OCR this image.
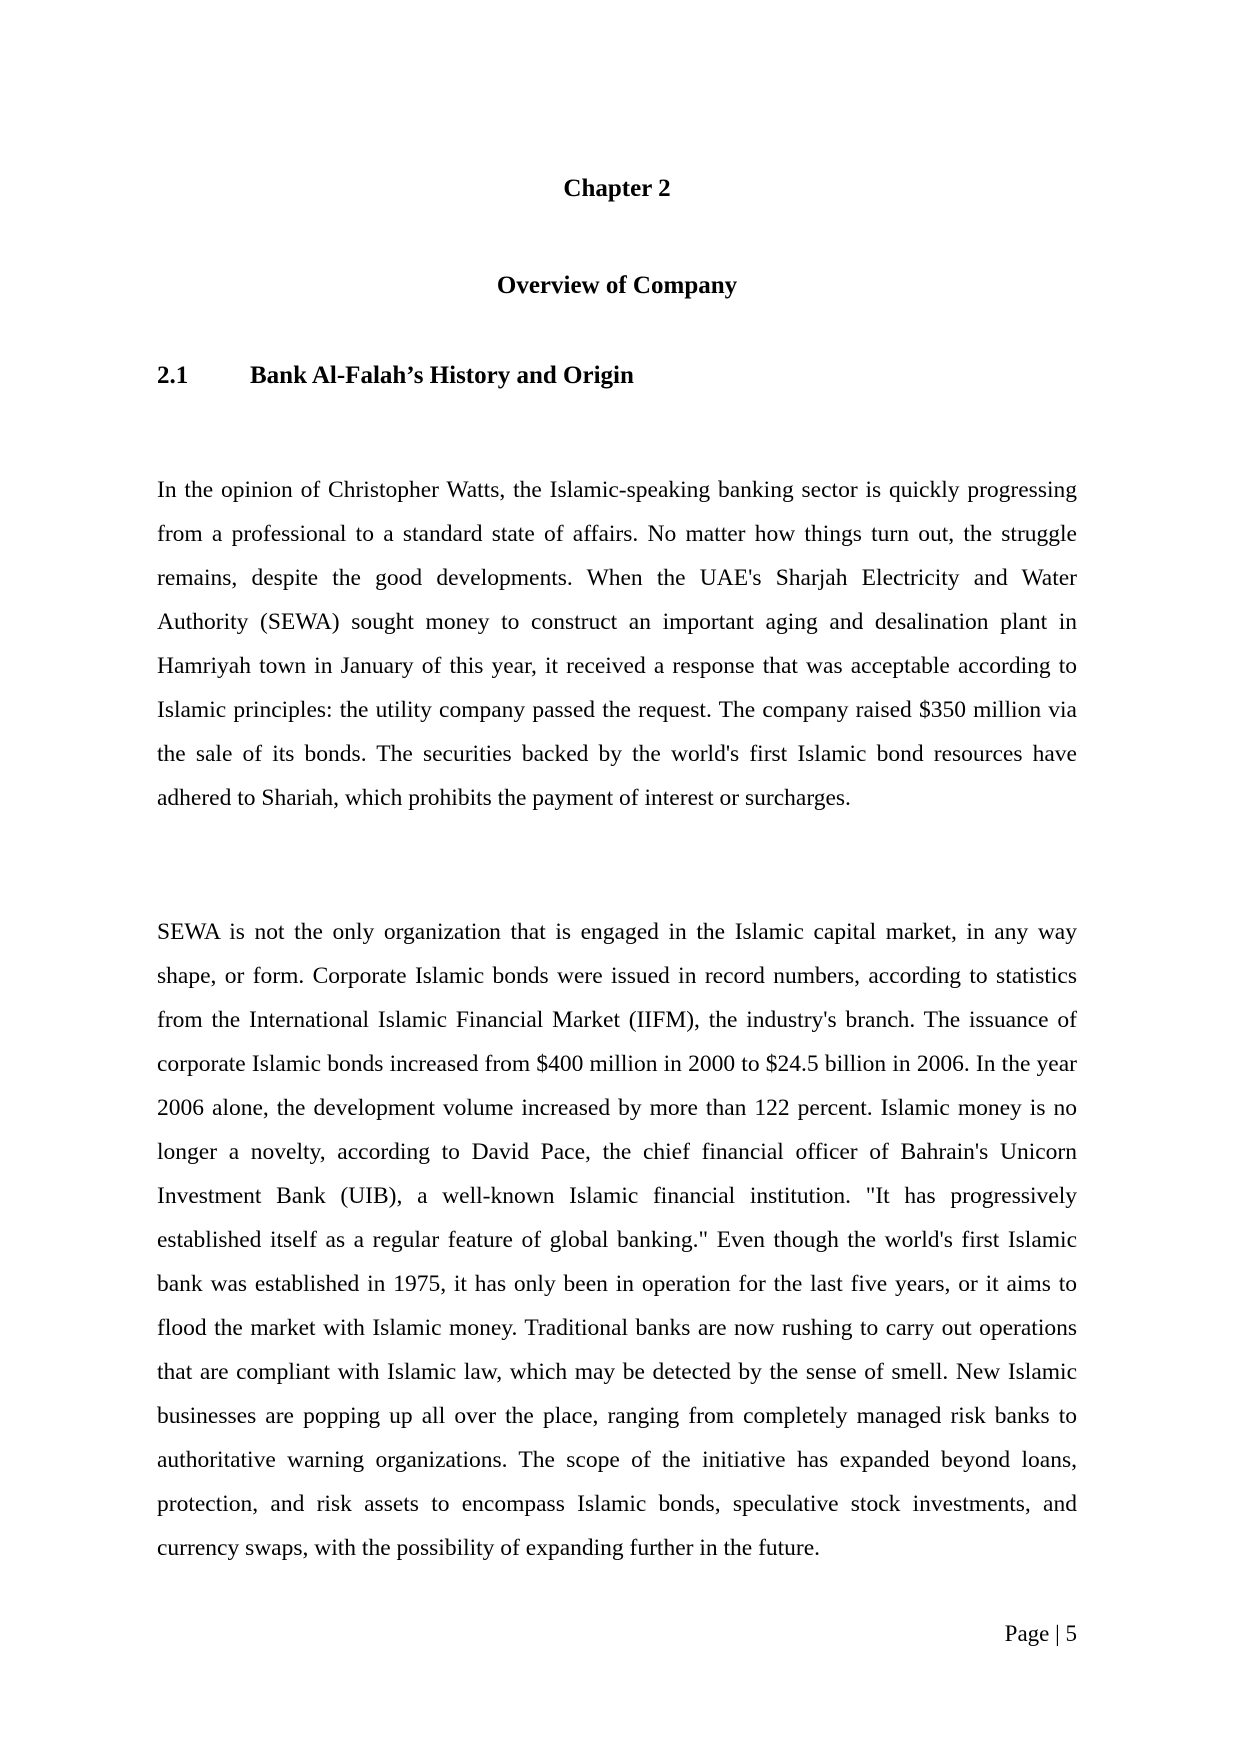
Chapter 2
Overview of Company
2.1	Bank Al-Falah’s History and Origin

In the opinion of Christopher Watts, the Islamic-speaking banking sector is quickly progressing from a professional to a standard state of affairs. No matter how things turn out, the struggle remains, despite the good developments. When the UAE's Sharjah Electricity and Water Authority (SEWA) sought money to construct an important aging and desalination plant in Hamriyah town in January of this year, it received a response that was acceptable according to Islamic principles: the utility company passed the request. The company raised $350 million via the sale of its bonds. The securities backed by the world's first Islamic bond resources have adhered to Shariah, which prohibits the payment of interest or surcharges.

SEWA is not the only organization that is engaged in the Islamic capital market, in any way shape, or form. Corporate Islamic bonds were issued in record numbers, according to statistics from the International Islamic Financial Market (IIFM), the industry's branch. The issuance of corporate Islamic bonds increased from $400 million in 2000 to $24.5 billion in 2006. In the year 2006 alone, the development volume increased by more than 122 percent. Islamic money is no longer a novelty, according to David Pace, the chief financial officer of Bahrain's Unicorn Investment Bank (UIB), a well-known Islamic financial institution. "It has progressively established itself as a regular feature of global banking." Even though the world's first Islamic bank was established in 1975, it has only been in operation for the last five years, or it aims to flood the market with Islamic money. Traditional banks are now rushing to carry out operations that are compliant with Islamic law, which may be detected by the sense of smell. New Islamic businesses are popping up all over the place, ranging from completely managed risk banks to authoritative warning organizations. The scope of the initiative has expanded beyond loans, protection, and risk assets to encompass Islamic bonds, speculative stock investments, and currency swaps, with the possibility of expanding further in the future.

Page | 5
